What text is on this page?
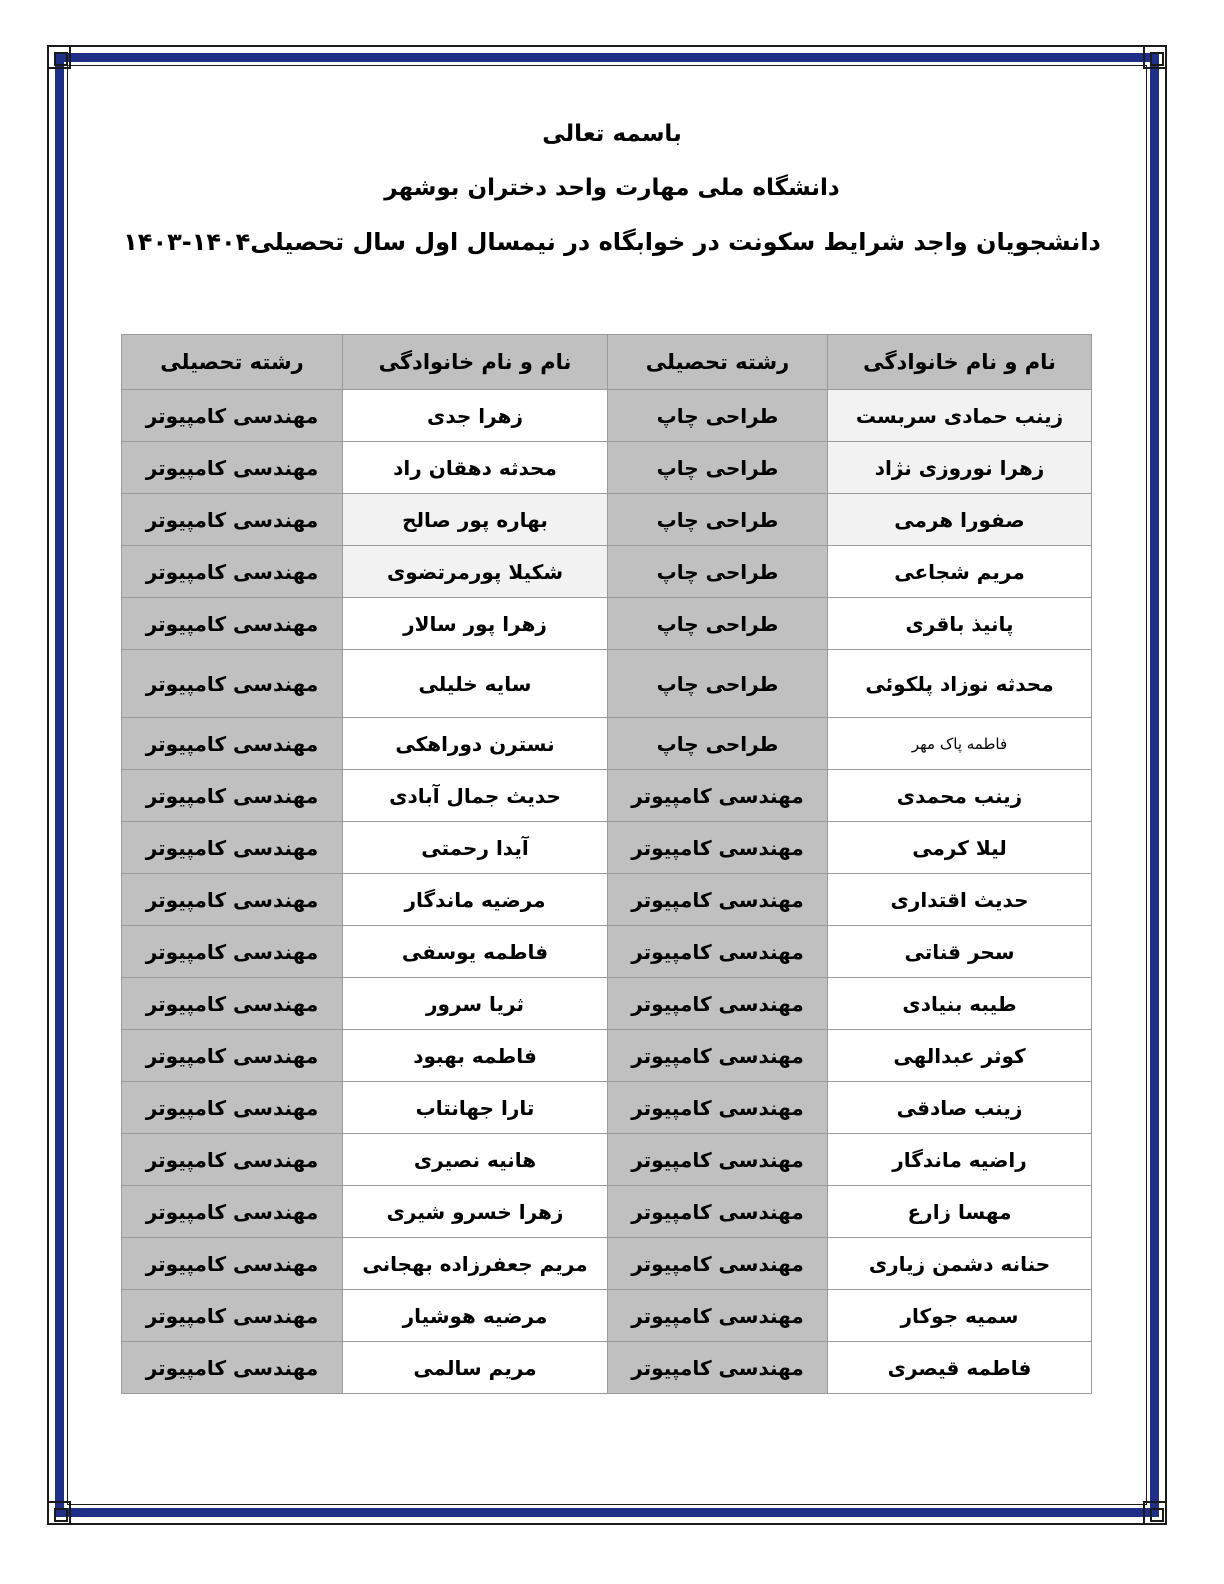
باسمه تعالی
دانشگاه ملی مهارت واحد دختران بوشهر
دانشجویان واجد شرایط سکونت در خوابگاه در نیمسال اول سال تحصیلی۱۴۰۴-۱۴۰۳
نام و نام خانوادگی	رشته تحصیلی	نام و نام خانوادگی	رشته تحصیلی
زینب حمادی سربست	طراحی چاپ	زهرا جدی	مهندسی کامپیوتر
زهرا نوروزی نژاد	طراحی چاپ	محدثه دهقان راد	مهندسی کامپیوتر
صفورا هرمی	طراحی چاپ	بهاره پور صالح	مهندسی کامپیوتر
مریم شجاعی	طراحی چاپ	شکیلا پورمرتضوی	مهندسی کامپیوتر
پانیذ باقری	طراحی چاپ	زهرا پور سالار	مهندسی کامپیوتر
محدثه نوزاد پلکوئی	طراحی چاپ	سایه خلیلی	مهندسی کامپیوتر
فاطمه پاک مهر	طراحی چاپ	نسترن دوراهکی	مهندسی کامپیوتر
زینب محمدی	مهندسی کامپیوتر	حدیث جمال آبادی	مهندسی کامپیوتر
لیلا کرمی	مهندسی کامپیوتر	آیدا رحمتی	مهندسی کامپیوتر
حدیث اقتداری	مهندسی کامپیوتر	مرضیه ماندگار	مهندسی کامپیوتر
سحر قناتی	مهندسی کامپیوتر	فاطمه یوسفی	مهندسی کامپیوتر
طیبه بنیادی	مهندسی کامپیوتر	ثریا سرور	مهندسی کامپیوتر
کوثر عبدالهی	مهندسی کامپیوتر	فاطمه بهبود	مهندسی کامپیوتر
زینب صادقی	مهندسی کامپیوتر	تارا جهانتاب	مهندسی کامپیوتر
راضیه ماندگار	مهندسی کامپیوتر	هانیه نصیری	مهندسی کامپیوتر
مهسا زارع	مهندسی کامپیوتر	زهرا خسرو شیری	مهندسی کامپیوتر
حنانه دشمن زیاری	مهندسی کامپیوتر	مریم جعفرزاده بهجانی	مهندسی کامپیوتر
سمیه جوکار	مهندسی کامپیوتر	مرضیه هوشیار	مهندسی کامپیوتر
فاطمه قیصری	مهندسی کامپیوتر	مریم سالمی	مهندسی کامپیوتر
